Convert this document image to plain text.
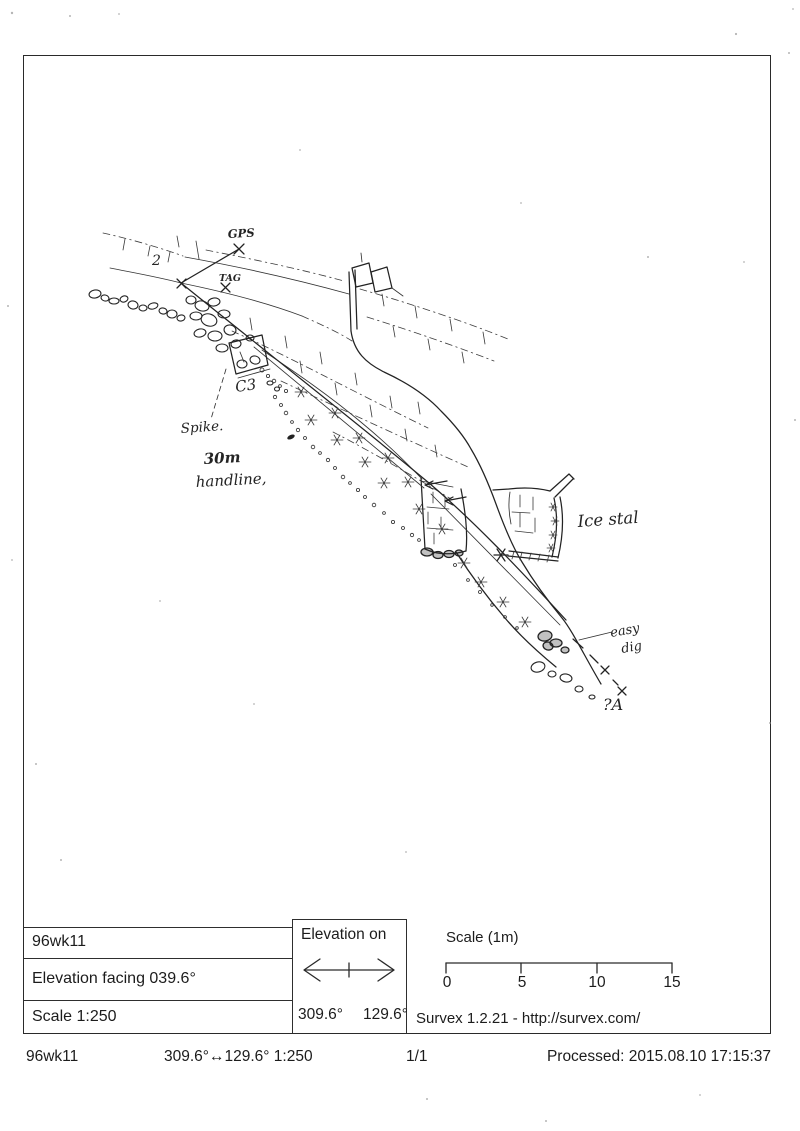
GPS
TAG
2
C3
Spike.
30m
handline,
Ice stal
easy
dig
?A
96wk11
Elevation facing 039.6°
Scale 1:250
Elevation on
309.6° 129.6°
Scale (1m)
0	5	10	15
Survex 1.2.21 - http://survex.com/
96wk11	309.6°↔129.6° 1:250	1/1	Processed: 2015.08.10 17:15:37
